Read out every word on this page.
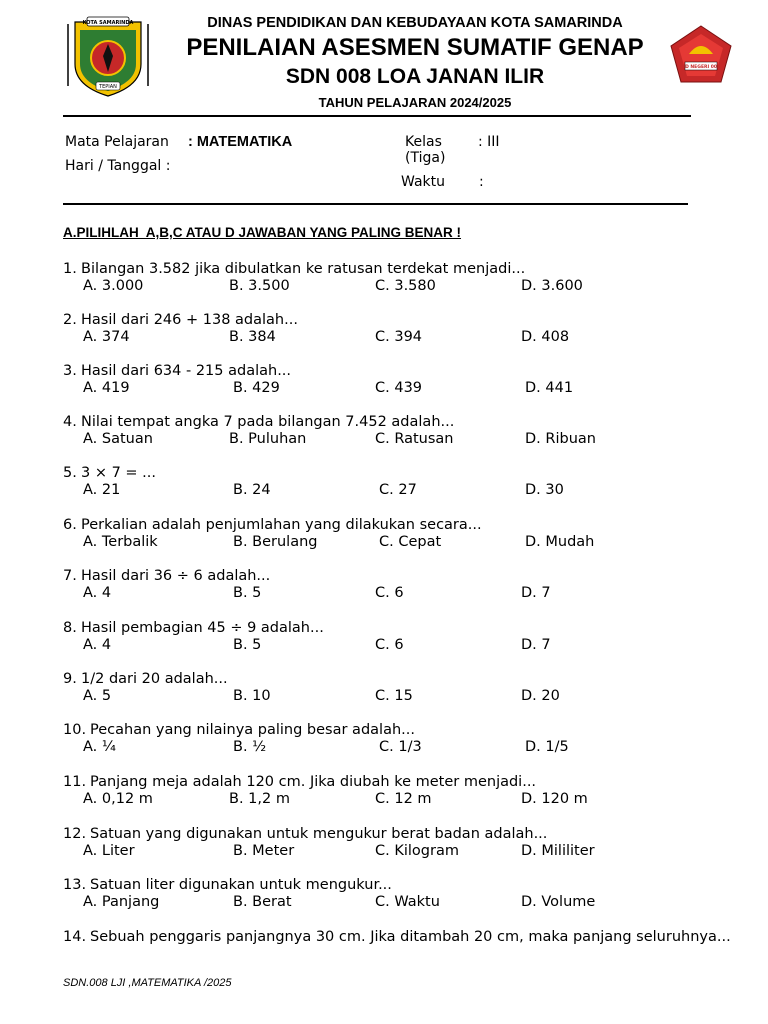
KOTA SAMARINDA
TEPIAN
SD NEGERI 008
DINAS PENDIDIKAN DAN KEBUDAYAAN KOTA SAMARINDA
PENILAIAN ASESMEN SUMATIF GENAP
SDN 008 LOA JANAN ILIR
TAHUN PELAJARAN 2024/2025
Mata Pelajaran : MATEMATIKA
Hari / Tanggal :
Kelas	: III
(Tiga)
Waktu :
A.PILIHLAH  A,B,C ATAU D JAWABAN YANG PALING BENAR !
1. Bilangan 3.582 jika dibulatkan ke ratusan terdekat menjadi...
A. 3.000	B. 3.500	C. 3.580	D. 3.600
2. Hasil dari 246 + 138 adalah...
A. 374	B. 384	C. 394	D. 408
3. Hasil dari 634 - 215 adalah...
A. 419	B. 429	C. 439	D. 441
4. Nilai tempat angka 7 pada bilangan 7.452 adalah...
A. Satuan	B. Puluhan	C. Ratusan	D. Ribuan
5. 3 × 7 = ...
A. 21	B. 24	C. 27	D. 30
6. Perkalian adalah penjumlahan yang dilakukan secara...
A. Terbalik	B. Berulang	C. Cepat	D. Mudah
7. Hasil dari 36 ÷ 6 adalah...
A. 4	B. 5	C. 6	D. 7
8. Hasil pembagian 45 ÷ 9 adalah...
A. 4	B. 5	C. 6	D. 7
9. 1/2 dari 20 adalah...
A. 5	B. 10	C. 15	D. 20
10. Pecahan yang nilainya paling besar adalah...
A. ¼	B. ½	C. 1/3	D. 1/5
11. Panjang meja adalah 120 cm. Jika diubah ke meter menjadi...
A. 0,12 m	B. 1,2 m	C. 12 m	D. 120 m
12. Satuan yang digunakan untuk mengukur berat badan adalah...
A. Liter	B. Meter	C. Kilogram	D. Mililiter
13. Satuan liter digunakan untuk mengukur...
A. Panjang	B. Berat	C. Waktu	D. Volume
14. Sebuah penggaris panjangnya 30 cm. Jika ditambah 20 cm, maka panjang seluruhnya...
SDN.008 LJI ,MATEMATIKA /2025
